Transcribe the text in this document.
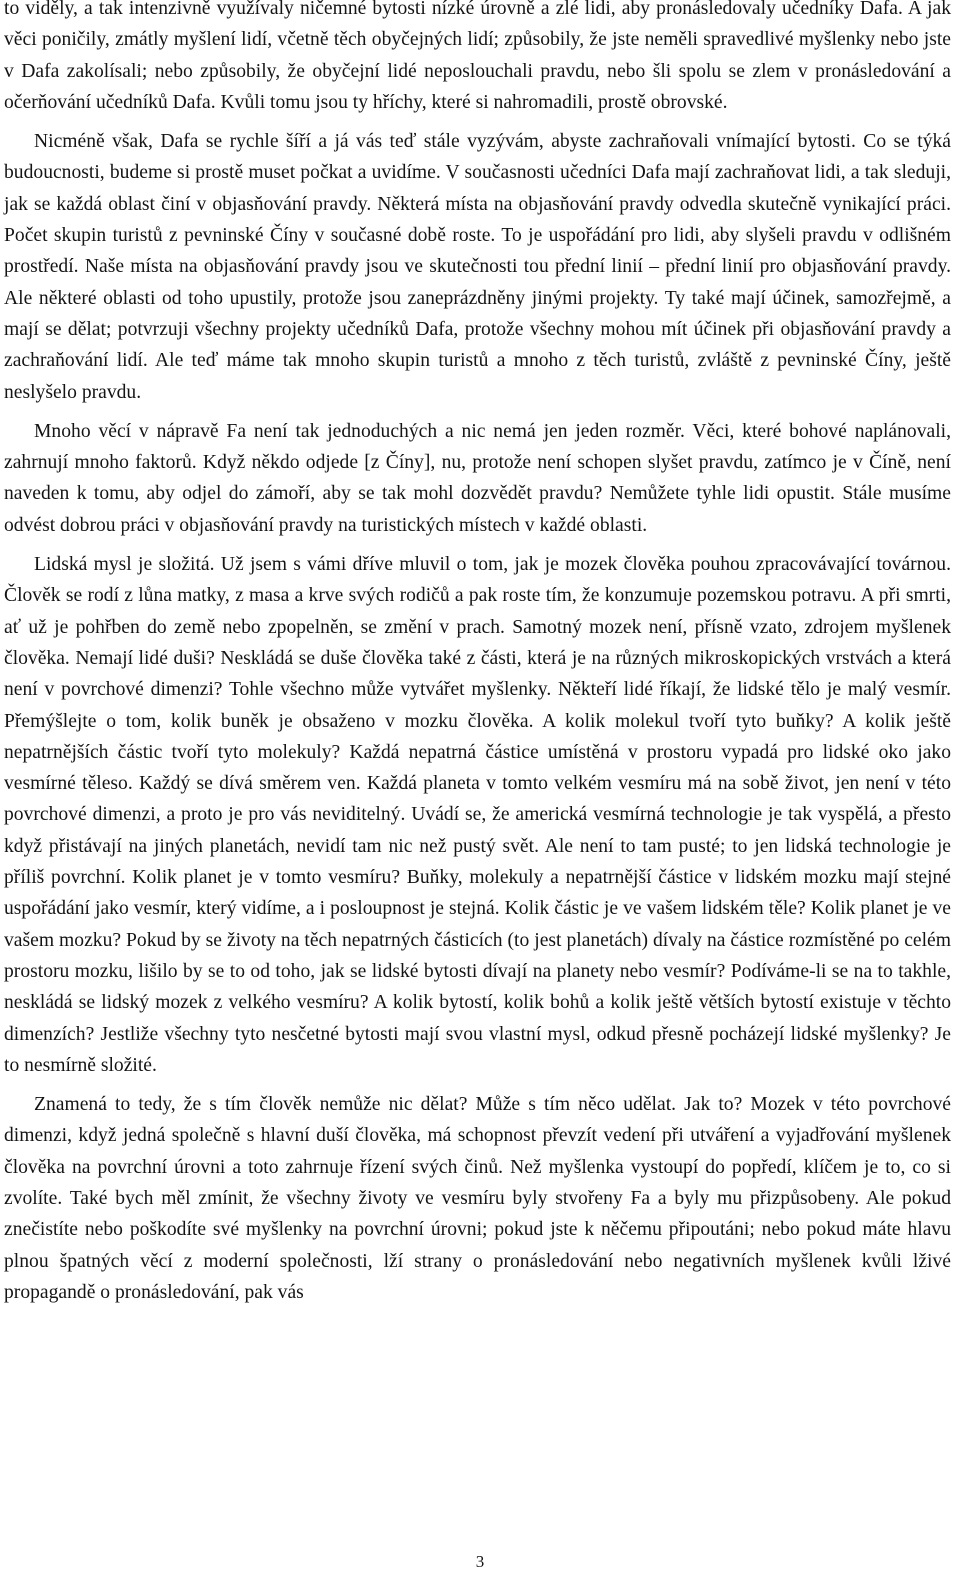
to viděly, a tak intenzivně využívaly ničemné bytosti nízké úrovně a zlé lidi, aby pronásledovaly učedníky Dafa. A jak věci poničily, zmátly myšlení lidí, včetně těch obyčejných lidí; způsobily, že jste neměli spravedlivé myšlenky nebo jste v Dafa zakolísali; nebo způsobily, že obyčejní lidé neposlouchali pravdu, nebo šli spolu se zlem v pronásledování a očerňování učedníků Dafa. Kvůli tomu jsou ty hříchy, které si nahromadili, prostě obrovské.

Nicméně však, Dafa se rychle šíří a já vás teď stále vyzývám, abyste zachraňovali vnímající bytosti. Co se týká budoucnosti, budeme si prostě muset počkat a uvidíme. V současnosti učedníci Dafa mají zachraňovat lidi, a tak sleduji, jak se každá oblast činí v objasňování pravdy. Některá místa na objasňování pravdy odvedla skutečně vynikající práci. Počet skupin turistů z pevninské Číny v současné době roste. To je uspořádání pro lidi, aby slyšeli pravdu v odlišném prostředí. Naše místa na objasňování pravdy jsou ve skutečnosti tou přední linií – přední linií pro objasňování pravdy. Ale některé oblasti od toho upustily, protože jsou zaneprázdněny jinými projekty. Ty také mají účinek, samozřejmě, a mají se dělat; potvrzuji všechny projekty učedníků Dafa, protože všechny mohou mít účinek při objasňování pravdy a zachraňování lidí. Ale teď máme tak mnoho skupin turistů a mnoho z těch turistů, zvláště z pevninské Číny, ještě neslyšelo pravdu.

Mnoho věcí v nápravě Fa není tak jednoduchých a nic nemá jen jeden rozměr. Věci, které bohové naplánovali, zahrnují mnoho faktorů. Když někdo odjede [z Číny], nu, protože není schopen slyšet pravdu, zatímco je v Číně, není naveden k tomu, aby odjel do zámoří, aby se tak mohl dozvědět pravdu? Nemůžete tyhle lidi opustit. Stále musíme odvést dobrou práci v objasňování pravdy na turistických místech v každé oblasti.

Lidská mysl je složitá. Už jsem s vámi dříve mluvil o tom, jak je mozek člověka pouhou zpracovávající továrnou. Člověk se rodí z lůna matky, z masa a krve svých rodičů a pak roste tím, že konzumuje pozemskou potravu. A při smrti, ať už je pohřben do země nebo zpopelněn, se změní v prach. Samotný mozek není, přísně vzato, zdrojem myšlenek člověka. Nemají lidé duši? Neskládá se duše člověka také z části, která je na různých mikroskopických vrstvách a která není v povrchové dimenzi? Tohle všechno může vytvářet myšlenky. Někteří lidé říkají, že lidské tělo je malý vesmír. Přemýšlejte o tom, kolik buněk je obsaženo v mozku člověka. A kolik molekul tvoří tyto buňky? A kolik ještě nepatrnějších částic tvoří tyto molekuly? Každá nepatrná částice umístěná v prostoru vypadá pro lidské oko jako vesmírné těleso. Každý se dívá směrem ven. Každá planeta v tomto velkém vesmíru má na sobě život, jen není v této povrchové dimenzi, a proto je pro vás neviditelný. Uvádí se, že americká vesmírná technologie je tak vyspělá, a přesto když přistávají na jiných planetách, nevidí tam nic než pustý svět. Ale není to tam pusté; to jen lidská technologie je příliš povrchní. Kolik planet je v tomto vesmíru? Buňky, molekuly a nepatrnější částice v lidském mozku mají stejné uspořádání jako vesmír, který vidíme, a i posloupnost je stejná. Kolik částic je ve vašem lidském těle? Kolik planet je ve vašem mozku? Pokud by se životy na těch nepatrných částicích (to jest planetách) dívaly na částice rozmístěné po celém prostoru mozku, lišilo by se to od toho, jak se lidské bytosti dívají na planety nebo vesmír? Podíváme-li se na to takhle, neskládá se lidský mozek z velkého vesmíru? A kolik bytostí, kolik bohů a kolik ještě větších bytostí existuje v těchto dimenzích? Jestliže všechny tyto nesčetné bytosti mají svou vlastní mysl, odkud přesně pocházejí lidské myšlenky? Je to nesmírně složité.

Znamená to tedy, že s tím člověk nemůže nic dělat? Může s tím něco udělat. Jak to? Mozek v této povrchové dimenzi, když jedná společně s hlavní duší člověka, má schopnost převzít vedení při utváření a vyjadřování myšlenek člověka na povrchní úrovni a toto zahrnuje řízení svých činů. Než myšlenka vystoupí do popředí, klíčem je to, co si zvolíte. Také bych měl zmínit, že všechny životy ve vesmíru byly stvořeny Fa a byly mu přizpůsobeny. Ale pokud znečistíte nebo poškodíte své myšlenky na povrchní úrovni; pokud jste k něčemu připoutáni; nebo pokud máte hlavu plnou špatných věcí z moderní společnosti, lží strany o pronásledování nebo negativních myšlenek kvůli lživé propagandě o pronásledování, pak vás

3
